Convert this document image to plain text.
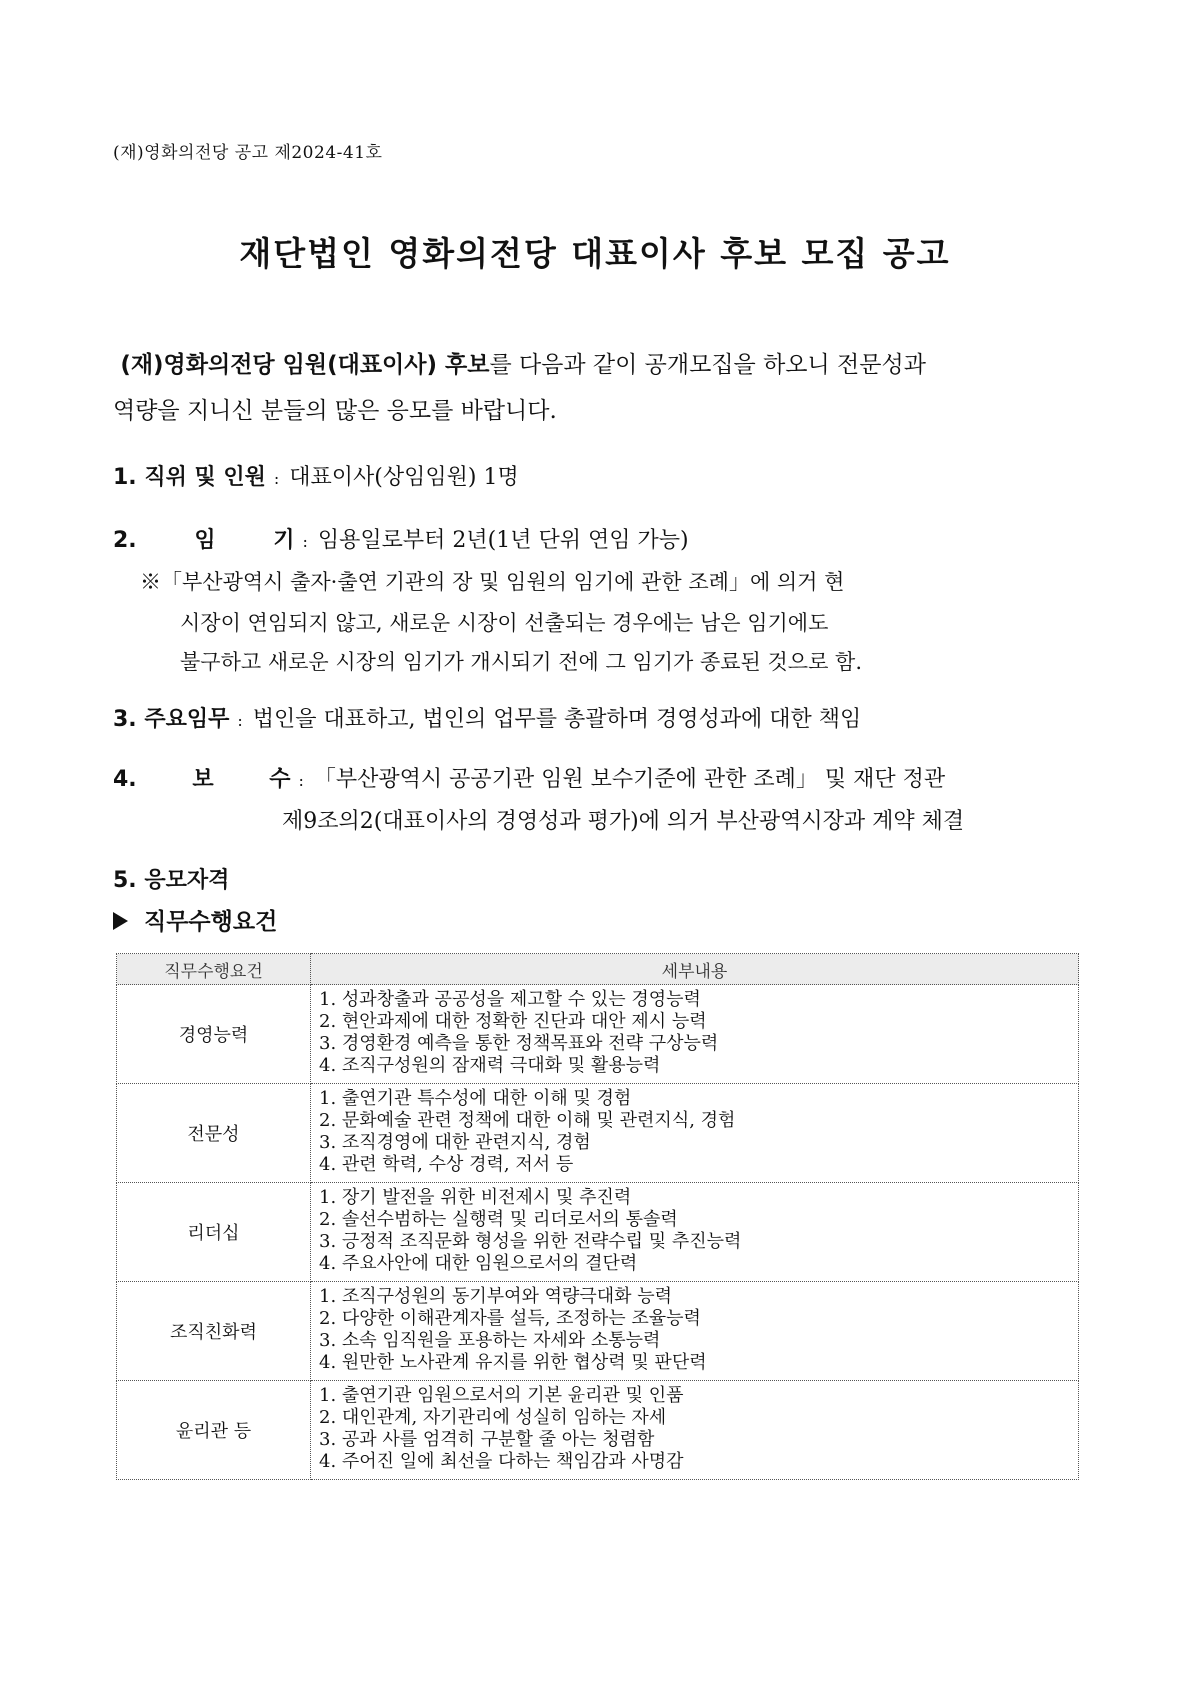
(재)영화의전당 공고 제2024-41호
재단법인 영화의전당 대표이사 후보 모집 공고
(재)영화의전당 임원(대표이사) 후보를 다음과 같이 공개모집을 하오니 전문성과
역량을 지니신 분들의 많은 응모를 바랍니다.
1. 직위 및 인원 : 대표이사(상임임원) 1명
2. 임 기 : 임용일로부터 2년(1년 단위 연임 가능)
※「부산광역시 출자·출연 기관의 장 및 임원의 임기에 관한 조례」에 의거 현
시장이 연임되지 않고, 새로운 시장이 선출되는 경우에는 남은 임기에도
불구하고 새로운 시장의 임기가 개시되기 전에 그 임기가 종료된 것으로 함.
3. 주요임무 : 법인을 대표하고, 법인의 업무를 총괄하며 경영성과에 대한 책임
4. 보 수 : 「부산광역시 공공기관 임원 보수기준에 관한 조례」 및 재단 정관
제9조의2(대표이사의 경영성과 평가)에 의거 부산광역시장과 계약 체결
5. 응모자격
직무수행요건
직무수행요건	세부내용
경영능력	1. 성과창출과 공공성을 제고할 수 있는 경영능력
2. 현안과제에 대한 정확한 진단과 대안 제시 능력
3. 경영환경 예측을 통한 정책목표와 전략 구상능력
4. 조직구성원의 잠재력 극대화 및 활용능력

전문성	1. 출연기관 특수성에 대한 이해 및 경험
2. 문화예술 관련 정책에 대한 이해 및 관련지식, 경험
3. 조직경영에 대한 관련지식, 경험
4. 관련 학력, 수상 경력, 저서 등

리더십	1. 장기 발전을 위한 비전제시 및 추진력
2. 솔선수범하는 실행력 및 리더로서의 통솔력
3. 긍정적 조직문화 형성을 위한 전략수립 및 추진능력
4. 주요사안에 대한 임원으로서의 결단력

조직친화력	1. 조직구성원의 동기부여와 역량극대화 능력
2. 다양한 이해관계자를 설득, 조정하는 조율능력
3. 소속 임직원을 포용하는 자세와 소통능력
4. 원만한 노사관계 유지를 위한 협상력 및 판단력

윤리관 등	1. 출연기관 임원으로서의 기본 윤리관 및 인품
2. 대인관계, 자기관리에 성실히 임하는 자세
3. 공과 사를 엄격히 구분할 줄 아는 청렴함
4. 주어진 일에 최선을 다하는 책임감과 사명감
